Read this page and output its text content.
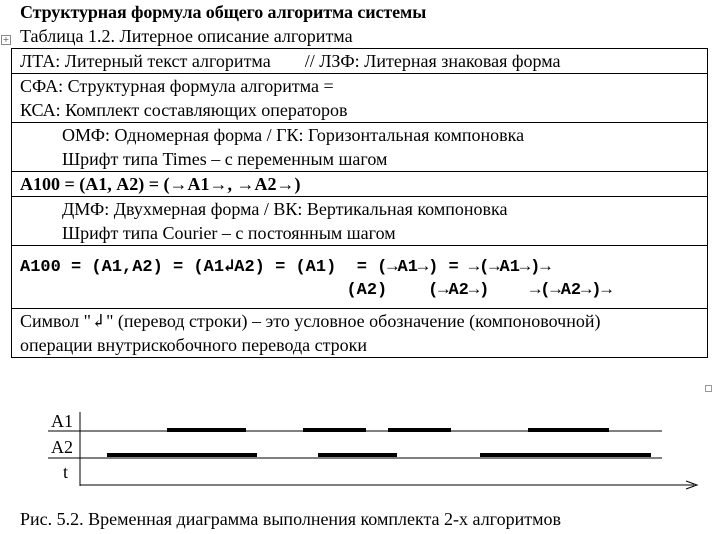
Структурная формула общего алгоритма системы
+ Таблица 1.2. Литерное описание алгоритма
ЛТА: Литерный текст алгоритма // ЛЗФ: Литерная знаковая форма

СФА: Структурная формула алгоритма =
КСА: Комплект составляющих операторов

ОМФ: Одномерная форма / ГК: Горизонтальная компоновка
Шрифт типа Times – с переменным шагом

А100 = (А1, А2) = (→А1→, →А2→)

ДМФ: Двухмерная форма / ВК: Вертикальная компоновка
Шрифт типа Courier – с постоянным шагом

A100 = (A1,A2) = (A1↲A2) = (A1)  = (→A1→) = →(→A1→)→
(A2)    (→A2→)    →(→A2→)→

Символ "↲" (перевод строки) – это условное обозначение (компоновочной)
операции внутрискобочного перевода строки
A1
A2
t
Рис. 5.2. Временная диаграмма выполнения комплекта 2-х алгоритмов
